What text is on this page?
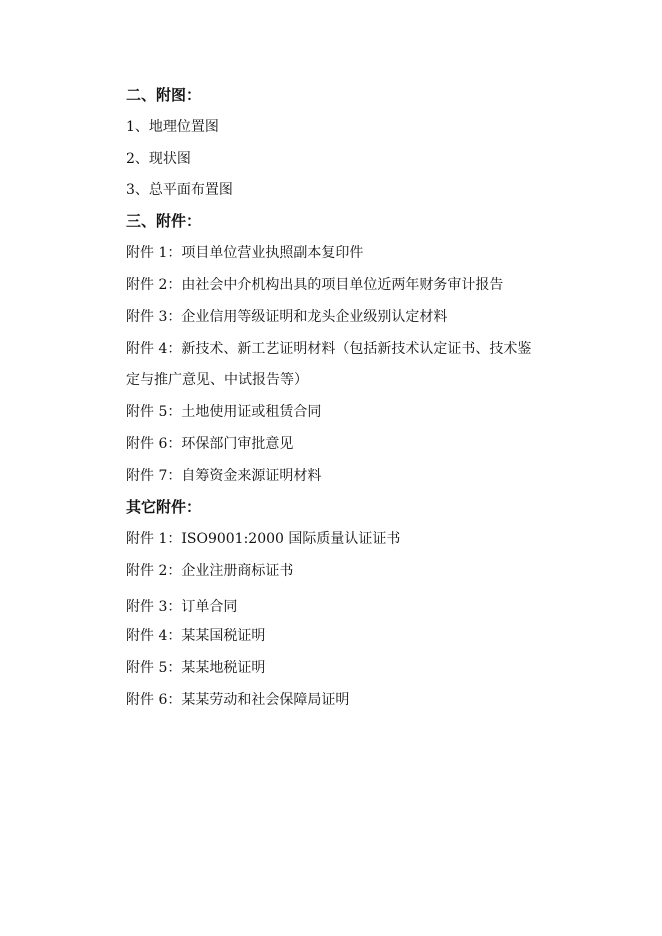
二、附图：
1、地理位置图
2、现状图
3、总平面布置图
三、附件：
附件 1：项目单位营业执照副本复印件
附件 2：由社会中介机构出具的项目单位近两年财务审计报告
附件 3：企业信用等级证明和龙头企业级别认定材料
附件 4：新技术、新工艺证明材料（包括新技术认定证书、技术鉴
定与推广意见、中试报告等）
附件 5：土地使用证或租赁合同
附件 6：环保部门审批意见
附件 7：自筹资金来源证明材料
其它附件：
附件 1：ISO9001:2000 国际质量认证证书
附件 2：企业注册商标证书
附件 3：订单合同
附件 4：某某国税证明
附件 5：某某地税证明
附件 6：某某劳动和社会保障局证明
